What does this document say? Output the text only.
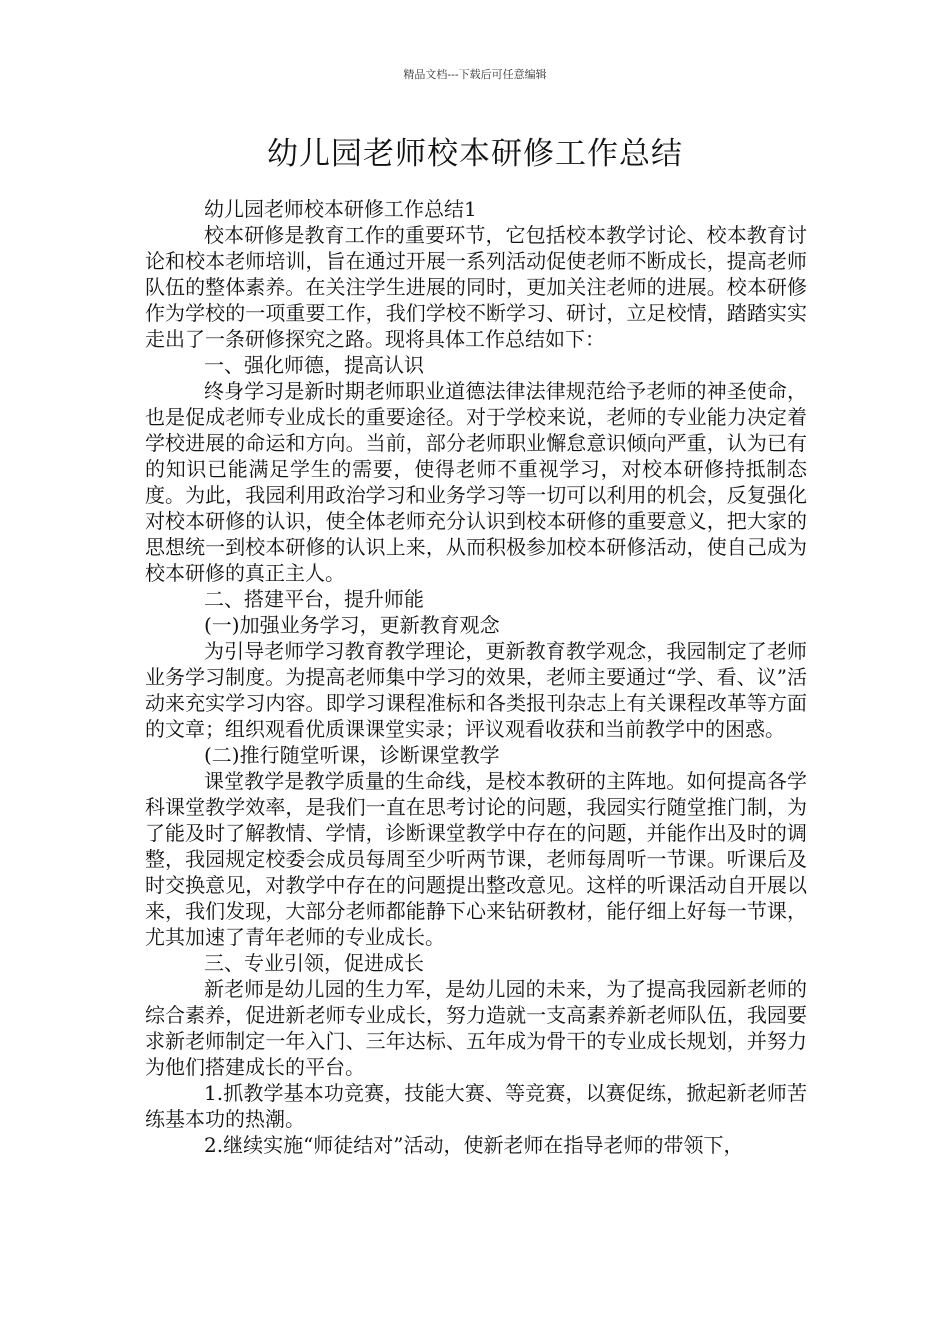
精品文档---下载后可任意编辑
幼儿园老师校本研修工作总结

幼儿园老师校本研修工作总结1

校本研修是教育工作的重要环节，它包括校本教学讨论、校本教育讨论和校本老师培训，旨在通过开展一系列活动促使老师不断成长，提高老师队伍的整体素养。在关注学生进展的同时，更加关注老师的进展。校本研修作为学校的一项重要工作，我们学校不断学习、研讨，立足校情，踏踏实实走出了一条研修探究之路。现将具体工作总结如下：

一、强化师德，提高认识

终身学习是新时期老师职业道德法律法律规范给予老师的神圣使命，也是促成老师专业成长的重要途径。对于学校来说，老师的专业能力决定着学校进展的命运和方向。当前，部分老师职业懈怠意识倾向严重，认为已有的知识已能满足学生的需要，使得老师不重视学习，对校本研修持抵制态度。为此，我园利用政治学习和业务学习等一切可以利用的机会，反复强化对校本研修的认识，使全体老师充分认识到校本研修的重要意义，把大家的思想统一到校本研修的认识上来，从而积极参加校本研修活动，使自己成为校本研修的真正主人。

二、搭建平台，提升师能

(一)加强业务学习，更新教育观念

为引导老师学习教育教学理论，更新教育教学观念，我园制定了老师业务学习制度。为提高老师集中学习的效果，老师主要通过“学、看、议”活动来充实学习内容。即学习课程准标和各类报刊杂志上有关课程改革等方面的文章；组织观看优质课课堂实录；评议观看收获和当前教学中的困惑。

(二)推行随堂听课，诊断课堂教学

课堂教学是教学质量的生命线，是校本教研的主阵地。如何提高各学科课堂教学效率，是我们一直在思考讨论的问题，我园实行随堂推门制，为了能及时了解教情、学情，诊断课堂教学中存在的问题，并能作出及时的调整，我园规定校委会成员每周至少听两节课，老师每周听一节课。听课后及时交换意见，对教学中存在的问题提出整改意见。这样的听课活动自开展以来，我们发现，大部分老师都能静下心来钻研教材，能仔细上好每一节课，尤其加速了青年老师的专业成长。

三、专业引领，促进成长

新老师是幼儿园的生力军，是幼儿园的未来，为了提高我园新老师的综合素养，促进新老师专业成长，努力造就一支高素养新老师队伍，我园要求新老师制定一年入门、三年达标、五年成为骨干的专业成长规划，并努力为他们搭建成长的平台。

1.抓教学基本功竞赛，技能大赛、等竞赛，以赛促练，掀起新老师苦练基本功的热潮。

2.继续实施“师徒结对”活动，使新老师在指导老师的带领下，
